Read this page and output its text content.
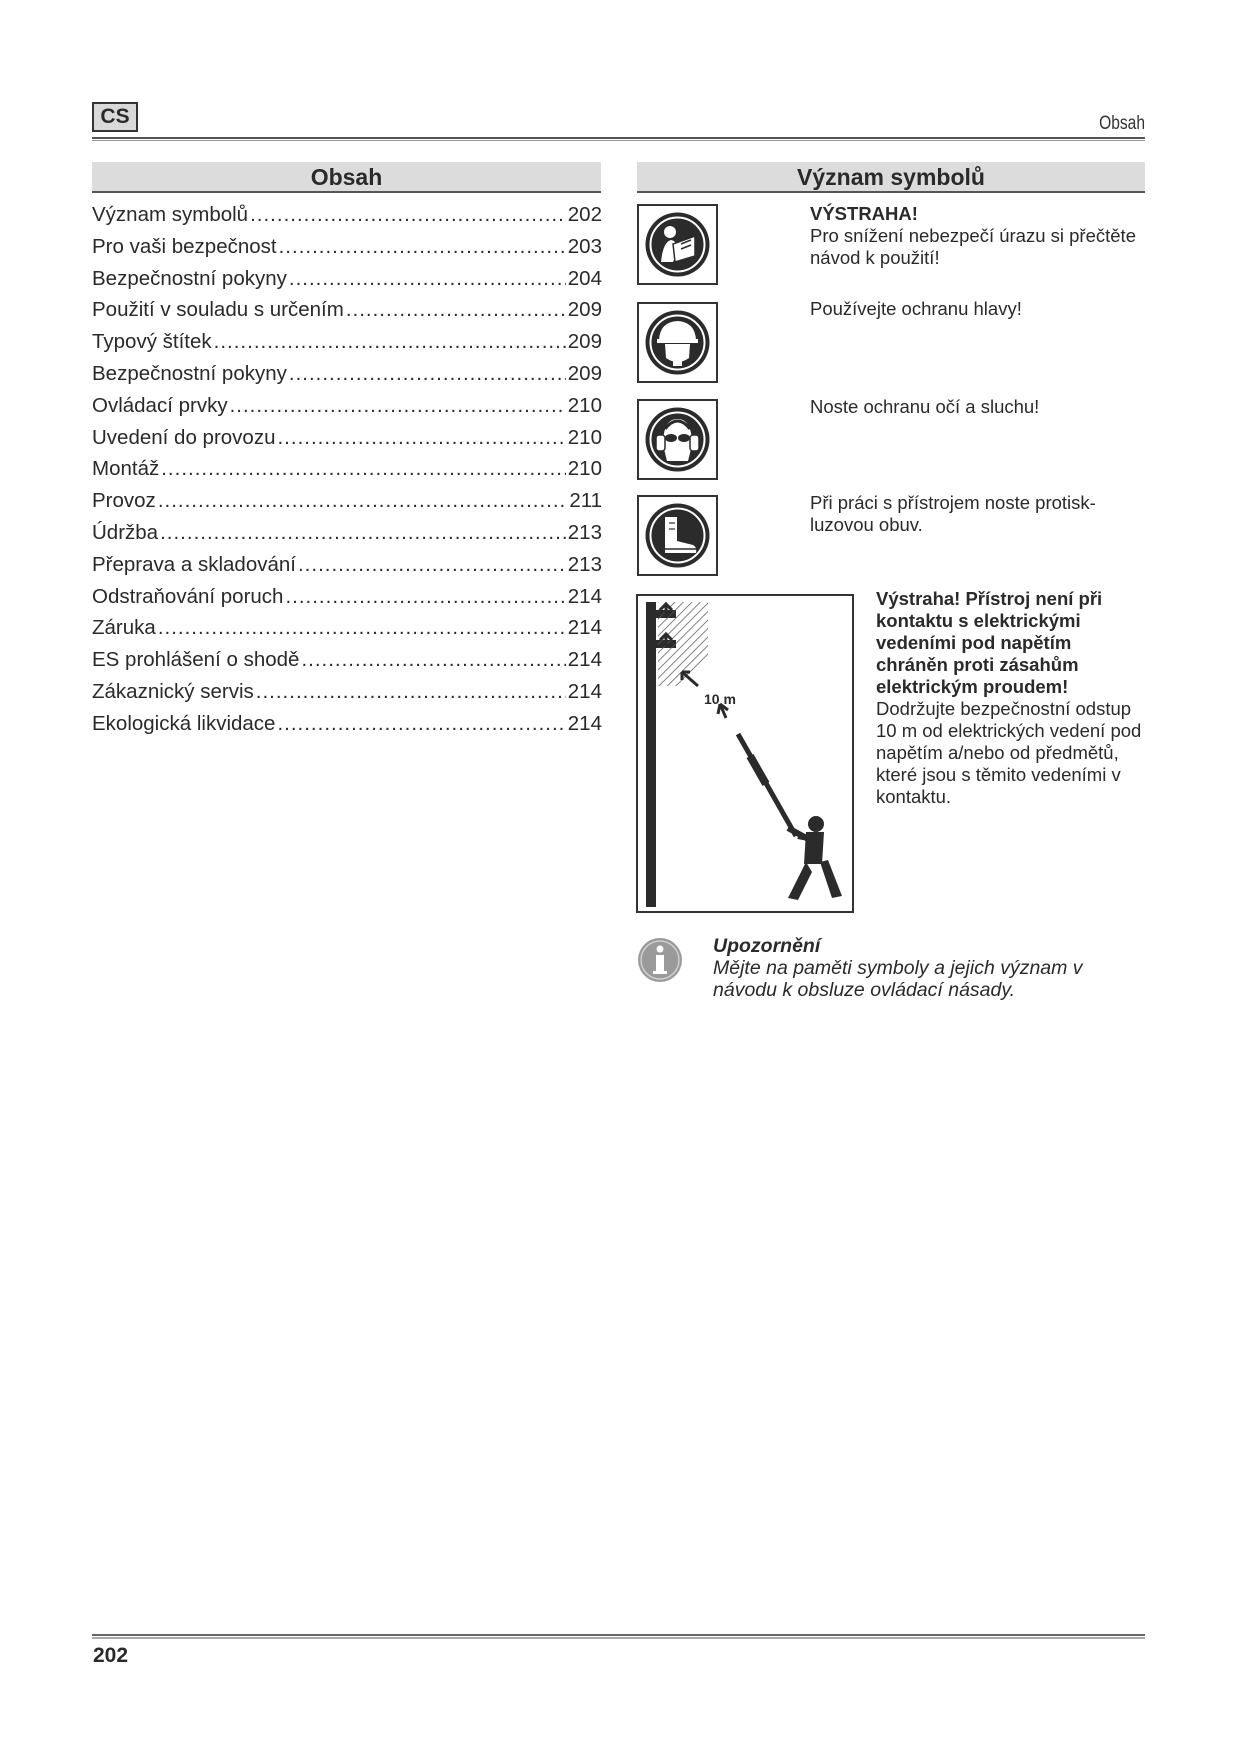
CS	Obsah
Obsah	Význam symbolů
Význam symbolů .....	202
Pro vaši bezpečnost .....	203
Bezpečnostní pokyny .....	204
Použití v souladu s určením .....	209
Typový štítek .....	209
Bezpečnostní pokyny .....	209
Ovládací prvky .....	210
Uvedení do provozu .....	210
Montáž .....	210
Provoz .....	211
Údržba .....	213
Přeprava a skladování .....	213
Odstraňování poruch .....	214
Záruka .....	214
ES prohlášení o shodě .....	214
Zákaznický servis .....	214
Ekologická likvidace .....	214
VÝSTRAHA!
Pro snížení nebezpečí úrazu si přečtěte návod k použití!
Používejte ochranu hlavy!
Noste ochranu očí a sluchu!
Při práci s přístrojem noste protisk-luzovou obuv.
10 m
Výstraha! Přístroj není při kontaktu s elektrickými vedeními pod napětím chráněn proti zásahům elektrickým proudem! Dodržujte bezpečnostní odstup 10 m od elektrických vedení pod napětím a/nebo od předmětů, které jsou s těmito vedeními v kontaktu.
Upozornění
Mějte na paměti symboly a jejich význam v návodu k obsluze ovládací násady.
202
